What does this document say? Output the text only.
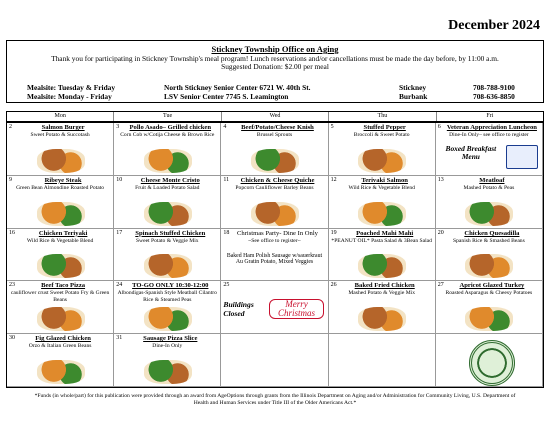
December 2024
Stickney Township Office on Aging
Thank you for participating in Stickney Township's meal program! Lunch reservations and/or cancellations must be made the day before, by 11:00 a.m.
Suggested Donation: $2.00 per meal
Mealsite: Tuesday & Friday	North Stickney Senior Center 6721 W. 40th St.	Stickney	708-788-9100
Mealsite: Monday - Friday	LSV Senior Center 7745 S. Leamington	Burbank	708-636-8850
Mon	Tue	Wed	Thu	Fri
2	Salmon Burger
Sweet Potato & Succotash
3	Pollo Asado– Grilled chicken
Corn Cob w/Cotija Cheese & Brown Rice
4	Beef/Potato/Cheese Knish
Brussel Sprouts
5	Stuffed Pepper
Broccoli & Sweet Potato
6 Veteran Appreciation Luncheon
Dine-In Only– see office to register
Boxed Breakfast Menu
9	Ribeye Steak
Green Bean Almondine Roasted Potato
10	Cheese Monte Cristo
Fruit & Loaded Potato Salad
11	Chicken & Cheese Quiche
Popcorn Cauliflower Barley Beans
12	Terivaki Salmon
Wild Rice & Vegetable Blend
13	Meatloaf
Mashed Potato & Peas
16	Chicken Teriyaki
Wild Rice & Vegetable Blend
17	Spinach Stuffed Chicken
Sweet Potato & Veggie Mix
18	Christmas Party- Dine In Only
~See office to register~
Baked Ham Polish Sausage w/sauerkraut Au Gratin Potato, Mixed Veggies
19	Poached Mahi Mahi
*PEANUT OIL* Pasta Salad & 3Bean Salad
20	Chicken Quesadilla
Spanish Rice & Smashed Beans
23	Beef Taco Pizza
cauliflower crust Sweet Potato Fry & Green Beans
24	TO-GO ONLY 10:30-12:00
Albondigas-Spanish Style Meatball Cilantro Rice & Steamed Peas
25
Buildings Closed
Merry Christmas
26	Baked Fried Chicken
Mashed Potato & Veggie Mix
27	Apricot Glazed Turkey
Roasted Asparagus & Cheesy Potatoes
30	Fig Glazed Chicken
Orzo & Italian Green Beans
31	Sausage Pizza Slice
Dine-In Only
*Funds (in whole/part) for this publication were provided through an award from AgeOptions through grants from the Illinois Department on Aging and/or Administration for Community Living, U.S. Department of Health and Human Services under Title III of the Older Americans Act.*
